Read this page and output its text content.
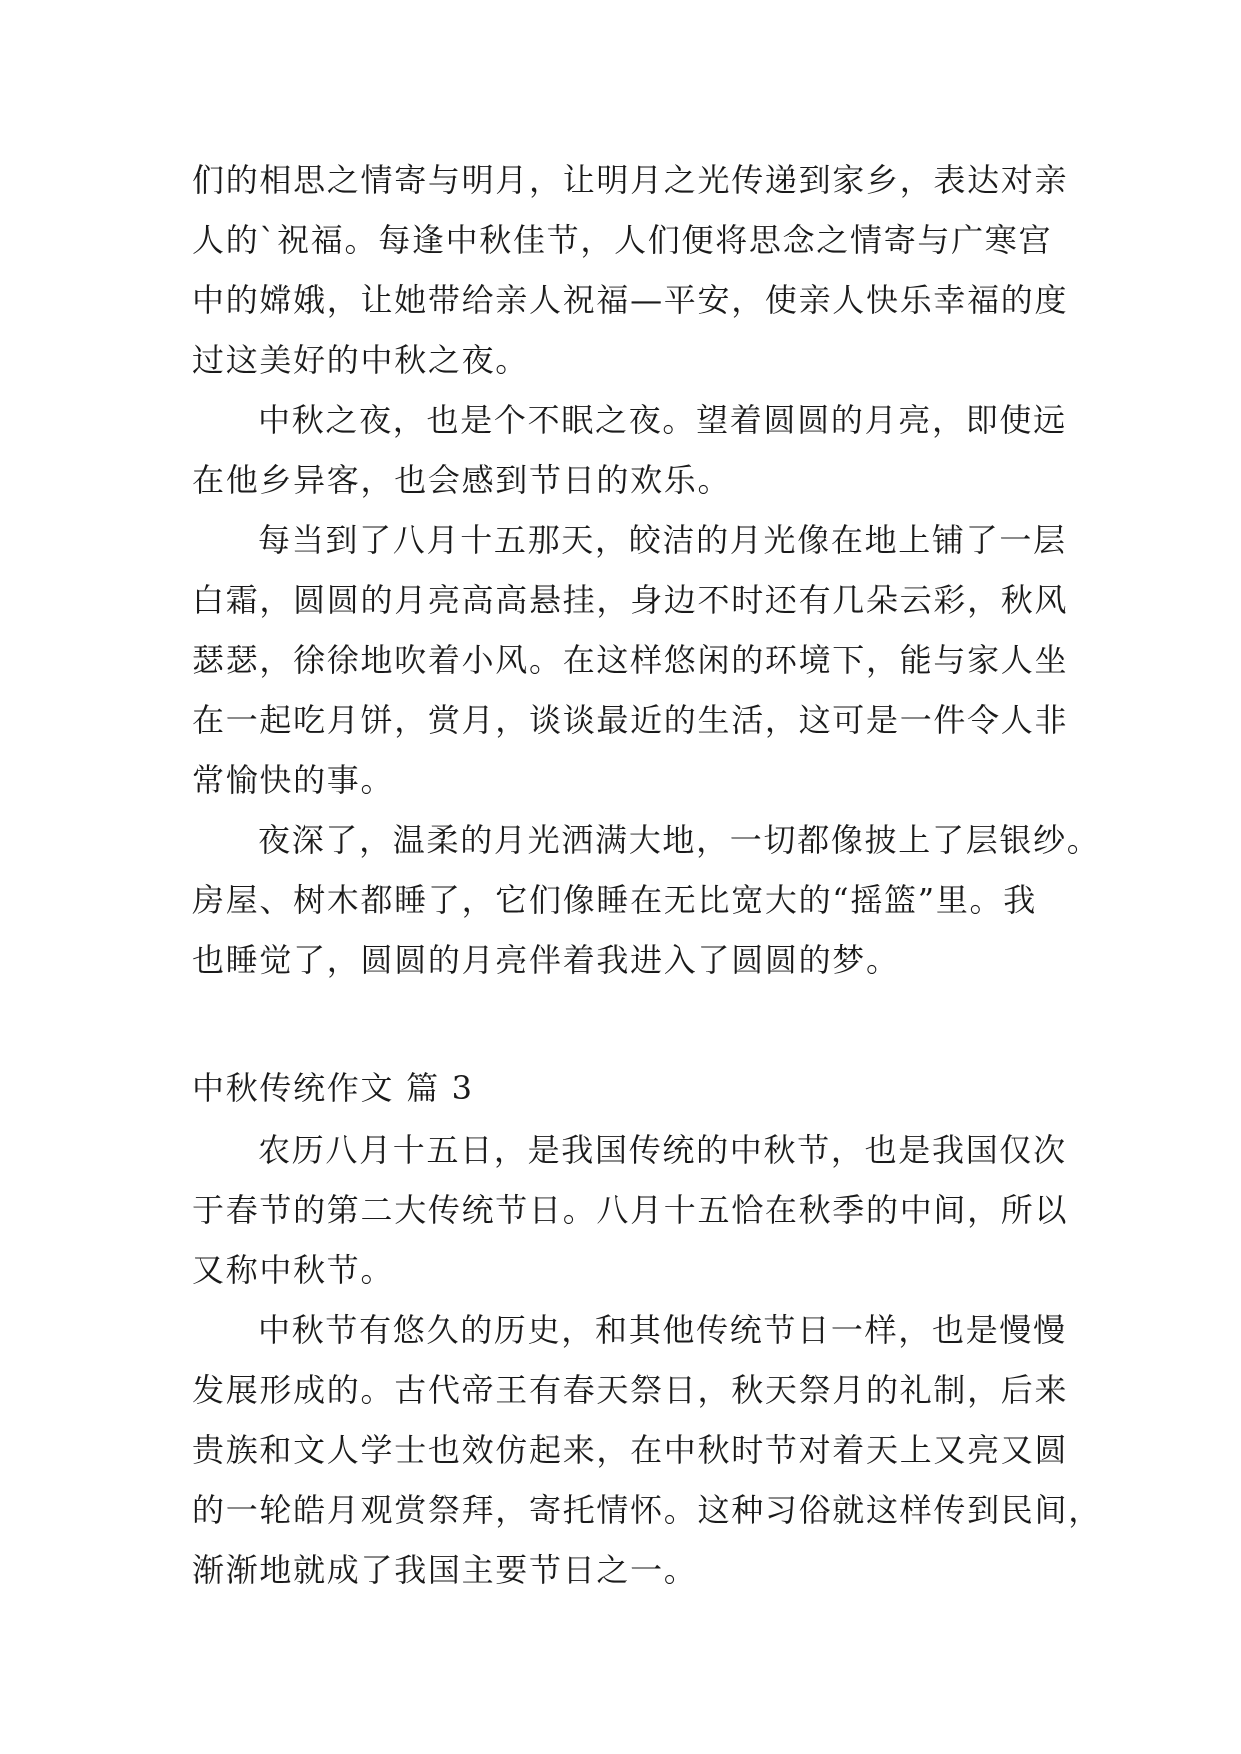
们的相思之情寄与明月，让明月之光传递到家乡，表达对亲
人的`祝福。每逢中秋佳节，人们便将思念之情寄与广寒宫
中的嫦娥，让她带给亲人祝福—平安，使亲人快乐幸福的度
过这美好的中秋之夜。
中秋之夜，也是个不眠之夜。望着圆圆的月亮，即使远
在他乡异客，也会感到节日的欢乐。
每当到了八月十五那天，皎洁的月光像在地上铺了一层
白霜，圆圆的月亮高高悬挂，身边不时还有几朵云彩，秋风
瑟瑟，徐徐地吹着小风。在这样悠闲的环境下，能与家人坐
在一起吃月饼，赏月，谈谈最近的生活，这可是一件令人非
常愉快的事。
夜深了，温柔的月光洒满大地，一切都像披上了层银纱。
房屋、树木都睡了，它们像睡在无比宽大的“摇篮”里。我
也睡觉了，圆圆的月亮伴着我进入了圆圆的梦。
中秋传统作文 篇 3
农历八月十五日，是我国传统的中秋节，也是我国仅次
于春节的第二大传统节日。八月十五恰在秋季的中间，所以
又称中秋节。
中秋节有悠久的历史，和其他传统节日一样，也是慢慢
发展形成的。古代帝王有春天祭日，秋天祭月的礼制，后来
贵族和文人学士也效仿起来，在中秋时节对着天上又亮又圆
的一轮皓月观赏祭拜，寄托情怀。这种习俗就这样传到民间，
渐渐地就成了我国主要节日之一。
